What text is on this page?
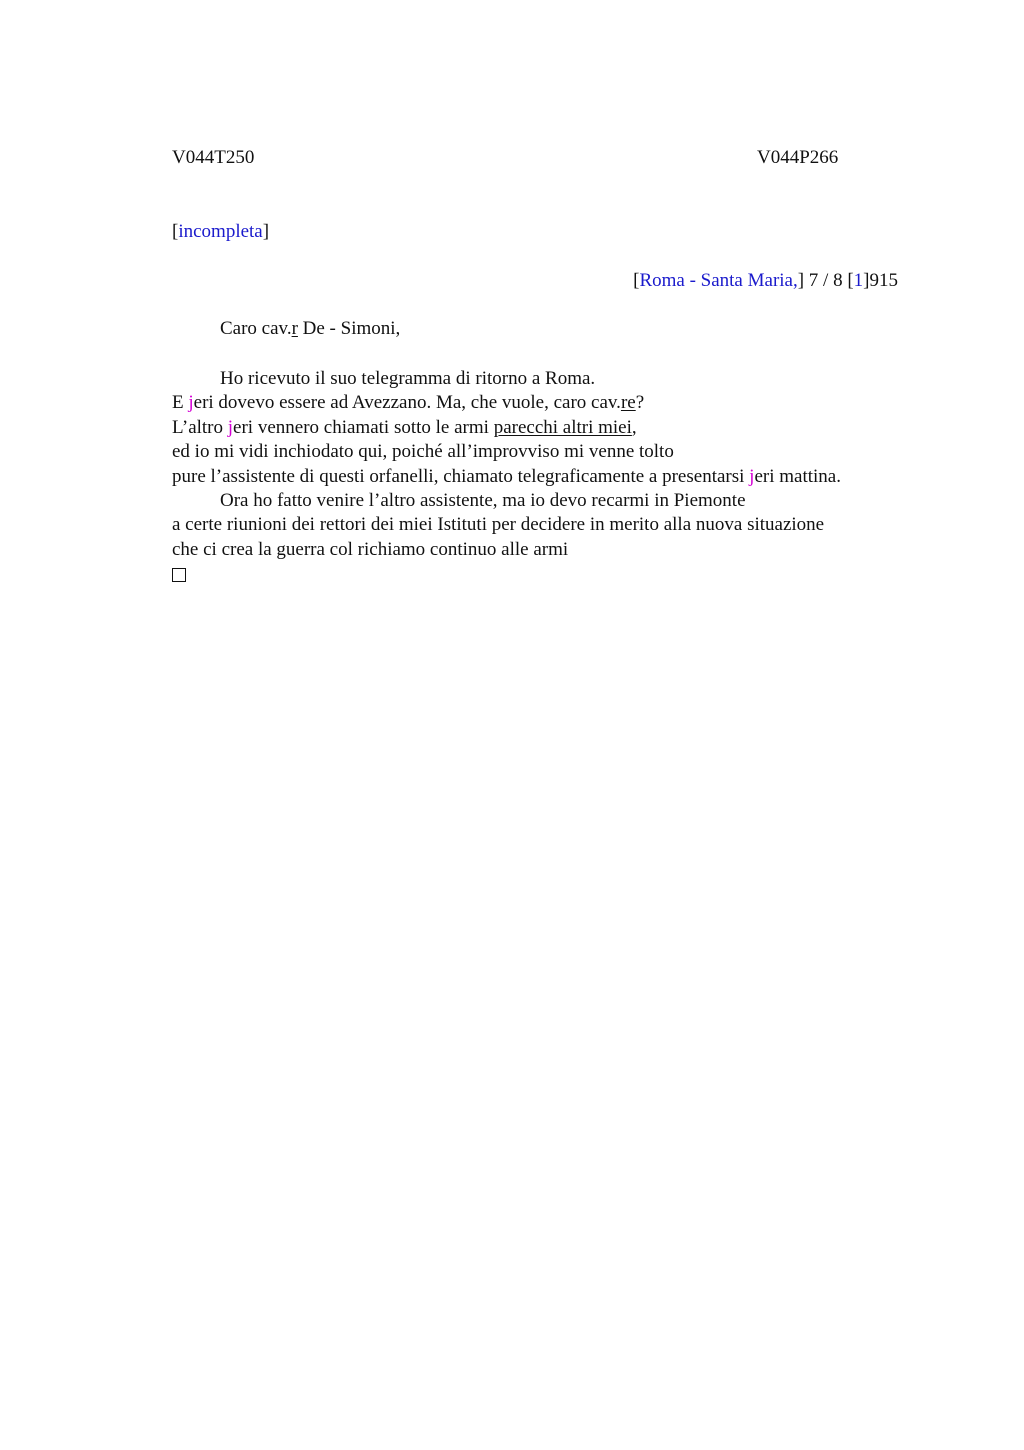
V044T250	V044P266
[incompleta]
[Roma - Santa Maria,] 7 / 8 [1]915
Caro cav.r De - Simoni,
Ho ricevuto il suo telegramma di ritorno a Roma.
E jeri dovevo essere ad Avezzano. Ma, che vuole, caro cav.re?
L’altro jeri vennero chiamati sotto le armi parecchi altri miei,
ed io mi vidi inchiodato qui, poiché all’improvviso mi venne tolto
pure l’assistente di questi orfanelli, chiamato telegraficamente a presentarsi jeri mattina.
Ora ho fatto venire l’altro assistente, ma io devo recarmi in Piemonte
a certe riunioni dei rettori dei miei Istituti per decidere in merito alla nuova situazione
che ci crea la guerra col richiamo continuo alle armi
